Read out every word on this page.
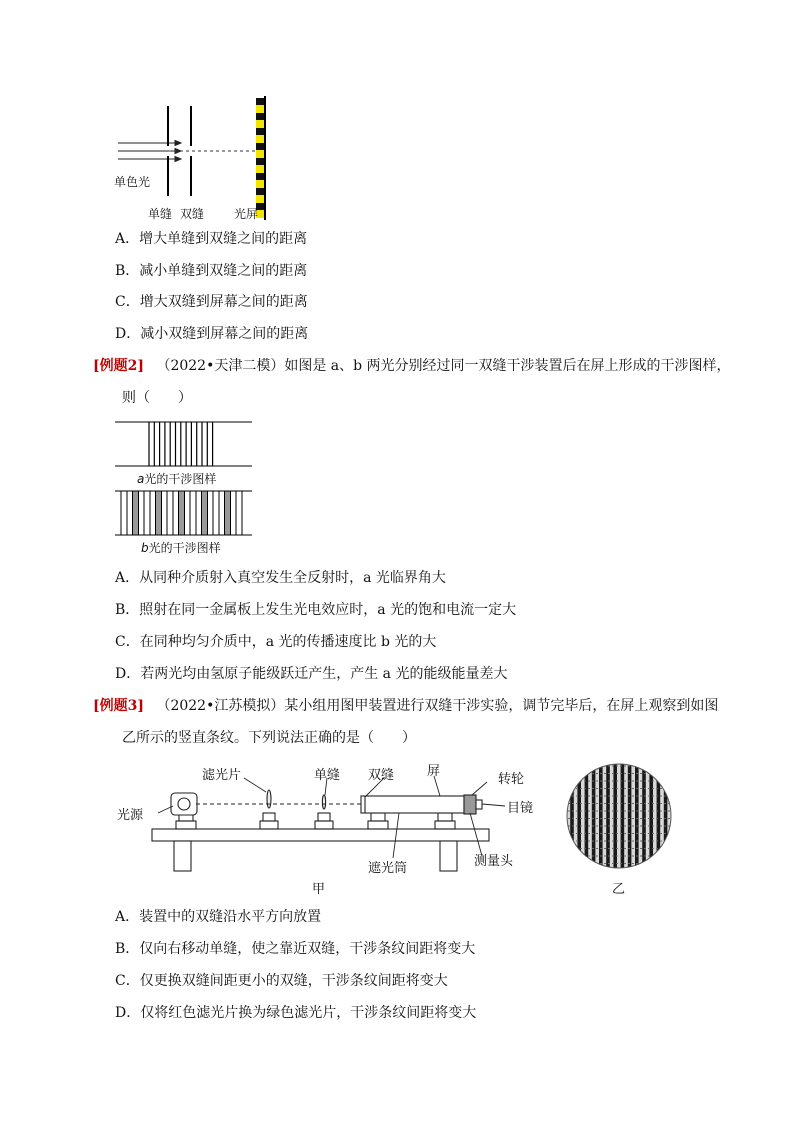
单色光
单缝 双缝 光屏
A．增大单缝到双缝之间的距离
B．减小单缝到双缝之间的距离
C．增大双缝到屏幕之间的距离
D．减小双缝到屏幕之间的距离
[例题2] （2022•天津二模）如图是 a、b 两光分别经过同一双缝干涉装置后在屏上形成的干涉图样，
则（　　）
a光的干涉图样
b光的干涉图样
A．从同种介质射入真空发生全反射时，a 光临界角大
B．照射在同一金属板上发生光电效应时，a 光的饱和电流一定大
C．在同种均匀介质中，a 光的传播速度比 b 光的大
D．若两光均由氢原子能级跃迁产生，产生 a 光的能级能量差大
[例题3] （2022•江苏模拟）某小组用图甲装置进行双缝干涉实验，调节完毕后，在屏上观察到如图
乙所示的竖直条纹。下列说法正确的是（　　）
滤光片	单缝 双缝	屏
转轮
光源	目镜
测量头
遮光筒
甲	乙
A．装置中的双缝沿水平方向放置
B．仅向右移动单缝，使之靠近双缝，干涉条纹间距将变大
C．仅更换双缝间距更小的双缝，干涉条纹间距将变大
D．仅将红色滤光片换为绿色滤光片，干涉条纹间距将变大
